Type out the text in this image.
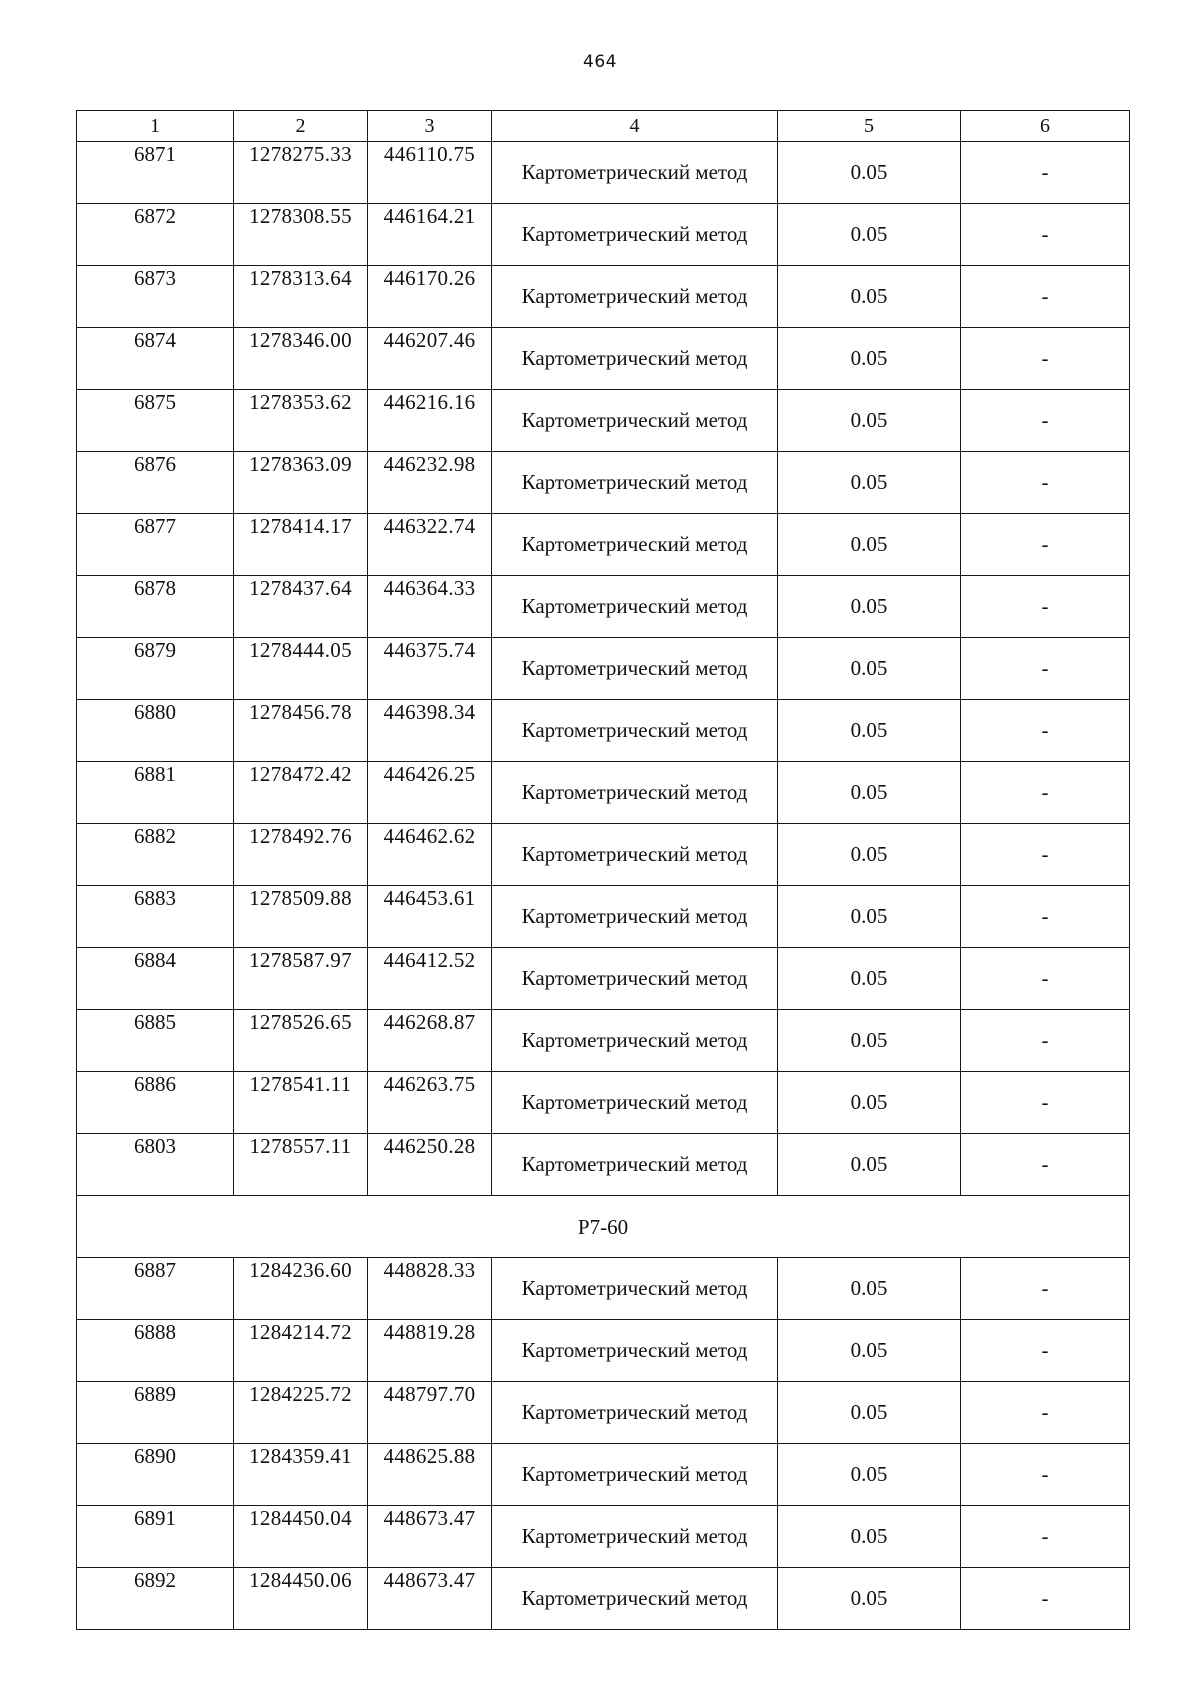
464
1	2	3	4	5	6
6871	1278275.33	446110.75	Картометрический метод	0.05	-
6872	1278308.55	446164.21	Картометрический метод	0.05	-
6873	1278313.64	446170.26	Картометрический метод	0.05	-
6874	1278346.00	446207.46	Картометрический метод	0.05	-
6875	1278353.62	446216.16	Картометрический метод	0.05	-
6876	1278363.09	446232.98	Картометрический метод	0.05	-
6877	1278414.17	446322.74	Картометрический метод	0.05	-
6878	1278437.64	446364.33	Картометрический метод	0.05	-
6879	1278444.05	446375.74	Картометрический метод	0.05	-
6880	1278456.78	446398.34	Картометрический метод	0.05	-
6881	1278472.42	446426.25	Картометрический метод	0.05	-
6882	1278492.76	446462.62	Картометрический метод	0.05	-
6883	1278509.88	446453.61	Картометрический метод	0.05	-
6884	1278587.97	446412.52	Картометрический метод	0.05	-
6885	1278526.65	446268.87	Картометрический метод	0.05	-
6886	1278541.11	446263.75	Картометрический метод	0.05	-
6803	1278557.11	446250.28	Картометрический метод	0.05	-
Р7-60					
6887	1284236.60	448828.33	Картометрический метод	0.05	-
6888	1284214.72	448819.28	Картометрический метод	0.05	-
6889	1284225.72	448797.70	Картометрический метод	0.05	-
6890	1284359.41	448625.88	Картометрический метод	0.05	-
6891	1284450.04	448673.47	Картометрический метод	0.05	-
6892	1284450.06	448673.47	Картометрический метод	0.05	-
